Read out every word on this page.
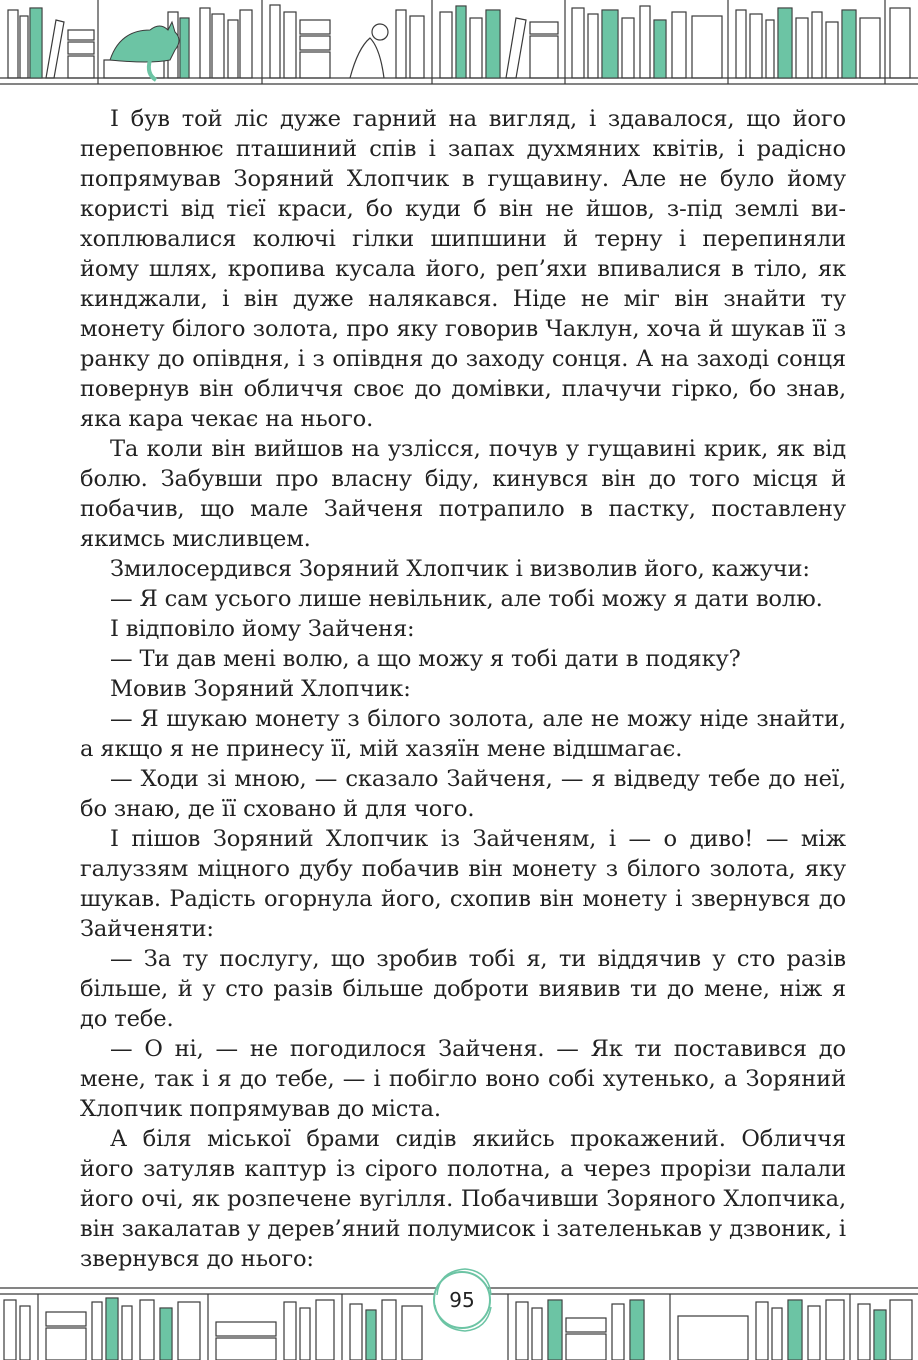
І був той ліс дуже гарний на вигляд, і здавалося, що його переповнює пташиний спів і запах духмяних квітів, і радісно попрямував Зоряний Хлопчик в гущавину. Але не було йому користі від тієї краси, бо куди б він не йшов, з-під землі вихоплювалися колючі гілки шипшини й терну і перепиняли йому шлях, кропива кусала його, реп’яхи впивалися в тіло, як кинджали, і він дуже налякався. Ніде не міг він знайти ту монету білого золота, про яку говорив Чаклун, хоча й шукав її з ранку до опівдня, і з опівдня до заходу сонця. А на заході сонця повернув він обличчя своє до домівки, плачучи гірко, бо знав, яка кара чекає на нього.

Та коли він вийшов на узлісся, почув у гущавині крик, як від болю. Забувши про власну біду, кинувся він до того місця й побачив, що мале Зайченя потрапило в пастку, поставлену якимсь мисливцем.

Змилосердився Зоряний Хлопчик і визволив його, кажучи:

— Я сам усього лише невільник, але тобі можу я дати волю.

І відповіло йому Зайченя:

— Ти дав мені волю, а що можу я тобі дати в подяку?

Мовив Зоряний Хлопчик:

— Я шукаю монету з білого золота, але не можу ніде знайти, а якщо я не принесу її, мій хазяїн мене відшмагає.

— Ходи зі мною, — сказало Зайченя, — я відведу тебе до неї, бо знаю, де її сховано й для чого.

І пішов Зоряний Хлопчик із Зайченям, і — о диво! — між галуззям міцного дубу побачив він монету з білого золота, яку шукав. Радість огорнула його, схопив він монету і звернувся до Зайченяти:

— За ту послугу, що зробив тобі я, ти віддячив у сто разів більше, й у сто разів більше доброти виявив ти до мене, ніж я до тебе.

— О ні, — не погодилося Зайченя. — Як ти поставився до мене, так і я до тебе, — і побігло воно собі хутенько, а Зоряний Хлопчик попрямував до міста.

А біля міської брами сидів якийсь прокажений. Обличчя його затуляв каптур із сірого полотна, а через прорізи палали його очі, як розпечене вугілля. Побачивши Зоряного Хлопчика, він закалатав у дерев’яний полумисок і зателенькав у дзвоник, і звернувся до нього:

95
